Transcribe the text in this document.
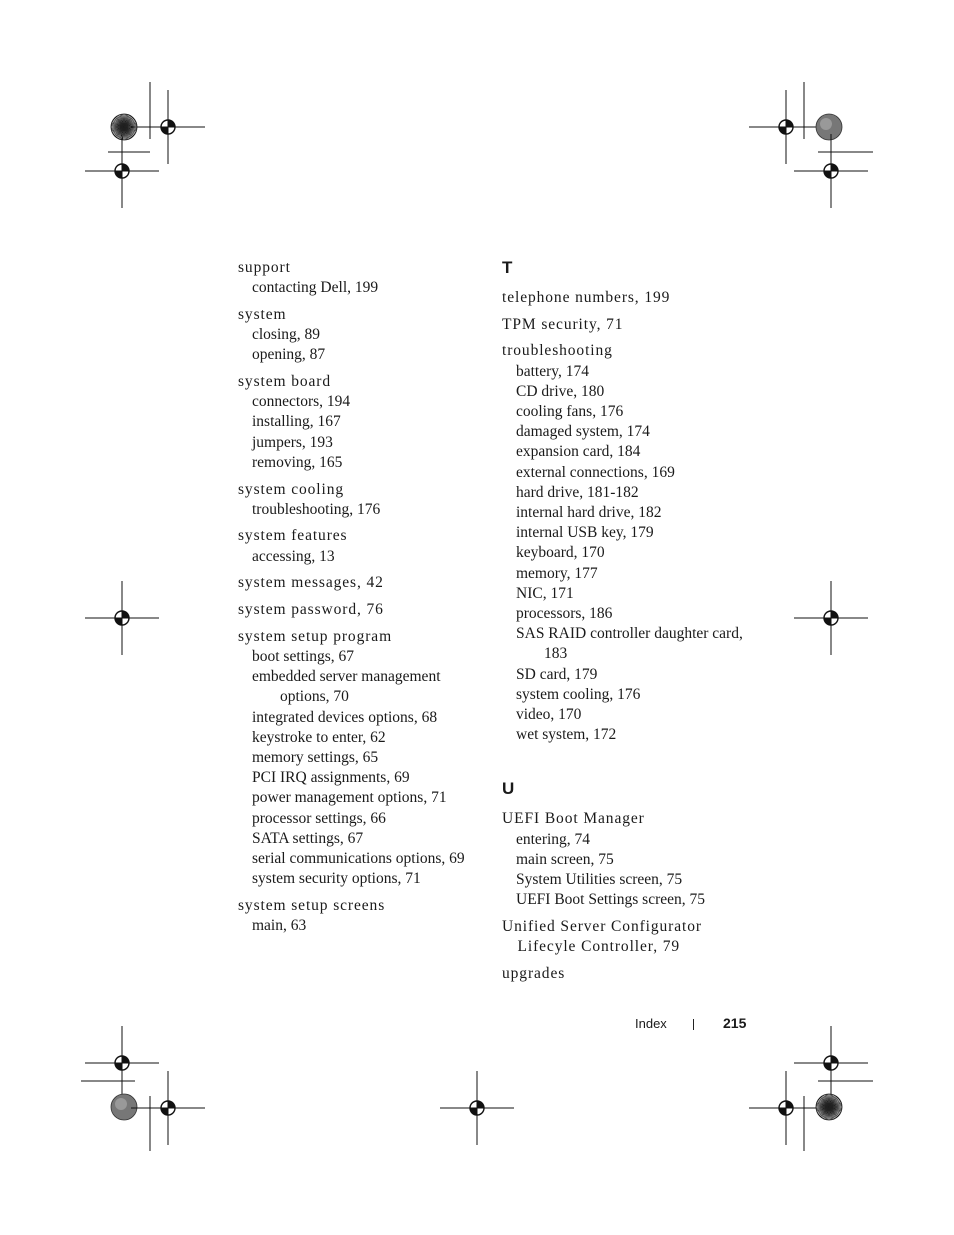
support
contacting Dell, 199
system
closing, 89
opening, 87
system board
connectors, 194
installing, 167
jumpers, 193
removing, 165
system cooling
troubleshooting, 176
system features
accessing, 13
system messages, 42
system password, 76
system setup program
boot settings, 67
embedded server management options, 70
integrated devices options, 68
keystroke to enter, 62
memory settings, 65
PCI IRQ assignments, 69
power management options, 71
processor settings, 66
SATA settings, 67
serial communications options, 69
system security options, 71
system setup screens
main, 63
T
telephone numbers, 199
TPM security, 71
troubleshooting
battery, 174
CD drive, 180
cooling fans, 176
damaged system, 174
expansion card, 184
external connections, 169
hard drive, 181-182
internal hard drive, 182
internal USB key, 179
keyboard, 170
memory, 177
NIC, 171
processors, 186
SAS RAID controller daughter card, 183
SD card, 179
system cooling, 176
video, 170
wet system, 172
U
UEFI Boot Manager
entering, 74
main screen, 75
System Utilities screen, 75
UEFI Boot Settings screen, 75
Unified Server Configurator Lifecyle Controller, 79
upgrades
Index	215
